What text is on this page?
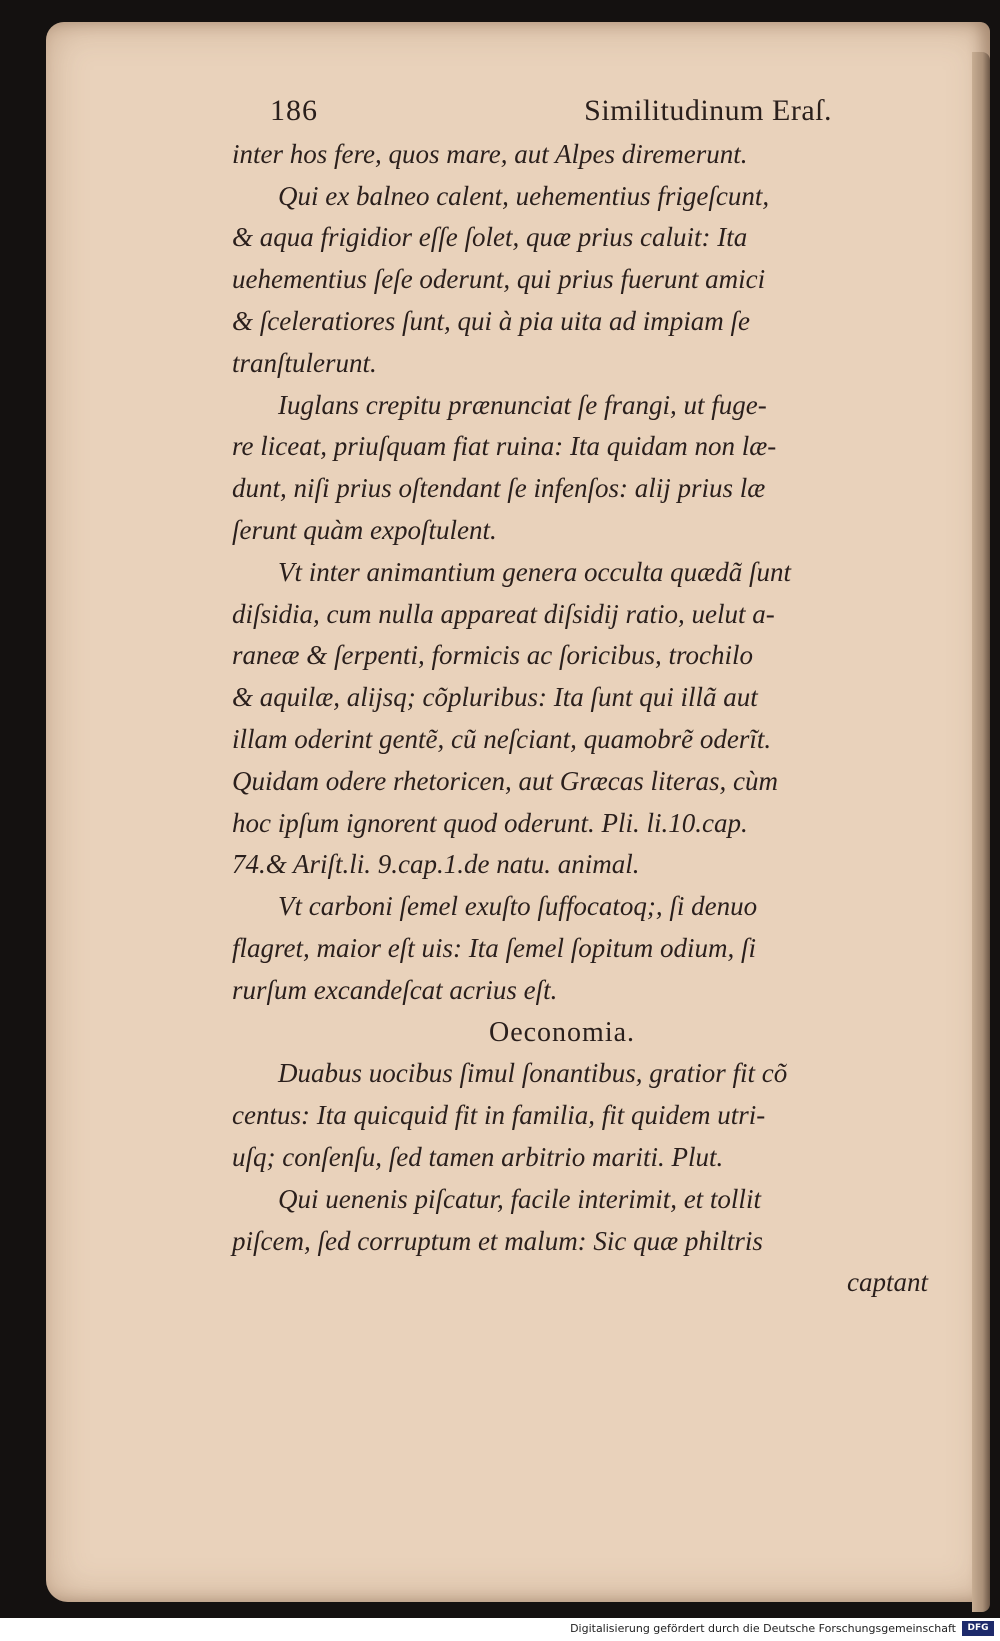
186	Similitudinum Eraſ.
inter hos fere, quos mare, aut Alpes diremerunt.
Qui ex balneo calent, uehementius frigeſcunt,
& aqua frigidior eſſe ſolet, quæ prius caluit: Ita
uehementius ſeſe oderunt, qui prius fuerunt amici
& ſceleratiores ſunt, qui à pia uita ad impiam ſe
tranſtulerunt.
Iuglans crepitu prænunciat ſe frangi, ut fuge-
re liceat, priuſquam fiat ruina: Ita quidam non læ-
dunt, niſi prius oſtendant ſe infenſos: alij prius læ
ſerunt quàm expoſtulent.
Vt inter animantium genera occulta quædã ſunt
diſsidia, cum nulla appareat diſsidij ratio, uelut a-
raneæ & ſerpenti, formicis ac ſoricibus, trochilo
& aquilæ, alijsq; cõpluribus: Ita ſunt qui illã aut
illam oderint gentẽ, cũ neſciant, quamobrẽ oderĩt.
Quidam odere rhetoricen, aut Græcas literas, cùm
hoc ipſum ignorent quod oderunt. Pli. li.10.cap.
74.& Ariſt.li. 9.cap.1.de natu. animal.
Vt carboni ſemel exuſto ſuffocatoq;, ſi denuo
flagret, maior eſt uis: Ita ſemel ſopitum odium, ſi
rurſum excandeſcat acrius eſt.
Oeconomia.
Duabus uocibus ſimul ſonantibus, gratior fit cõ
centus: Ita quicquid fit in familia, fit quidem utri-
uſq; conſenſu, ſed tamen arbitrio mariti. Plut.
Qui uenenis piſcatur, facile interimit, et tollit
piſcem, ſed corruptum et malum: Sic quæ philtris
captant
Digitalisierung gefördert durch die Deutsche Forschungsgemeinschaft	DFG
